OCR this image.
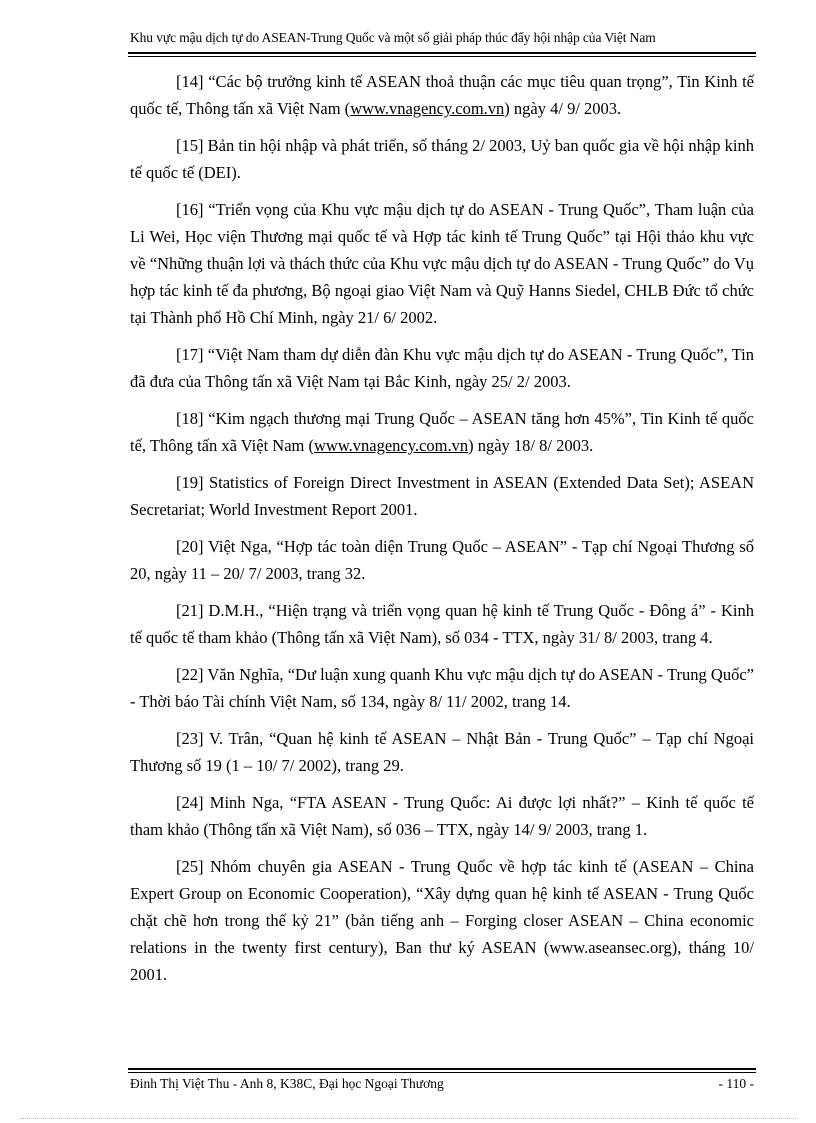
Khu vực mậu dịch tự do ASEAN-Trung Quốc và một số giải pháp thúc đẩy hội nhập của Việt Nam

[14] “Các bộ trưởng kinh tế ASEAN thoả thuận các mục tiêu quan trọng”, Tin Kinh tế quốc tế, Thông tấn xã Việt Nam (www.vnagency.com.vn) ngày 4/ 9/ 2003.

[15] Bản tin hội nhập và phát triển, số tháng 2/ 2003, Uỷ ban quốc gia về hội nhập kinh tế quốc tế (DEI).

[16] “Triển vọng của Khu vực mậu dịch tự do ASEAN - Trung Quốc”, Tham luận của Li Wei, Học viện Thương mại quốc tế và Hợp tác kinh tế Trung Quốc” tại Hội thảo khu vực về “Những thuận lợi và thách thức của Khu vực mậu dịch tự do ASEAN - Trung Quốc” do Vụ hợp tác kinh tế đa phương, Bộ ngoại giao Việt Nam và Quỹ Hanns Siedel, CHLB Đức tổ chức tại Thành phố Hồ Chí Minh, ngày 21/ 6/ 2002.

[17] “Việt Nam tham dự diễn đàn Khu vực mậu dịch tự do ASEAN - Trung Quốc”, Tin đã đưa của Thông tấn xã Việt Nam tại Bắc Kinh, ngày 25/ 2/ 2003.

[18] “Kim ngạch thương mại Trung Quốc – ASEAN tăng hơn 45%”, Tin Kinh tế quốc tế, Thông tấn xã Việt Nam (www.vnagency.com.vn) ngày 18/ 8/ 2003.

[19] Statistics of Foreign Direct Investment in ASEAN (Extended Data Set); ASEAN Secretariat; World Investment Report 2001.

[20] Việt Nga, “Hợp tác toàn diện Trung Quốc – ASEAN” - Tạp chí Ngoại Thương số 20, ngày 11 – 20/ 7/ 2003, trang 32.

[21] D.M.H., “Hiện trạng và triển vọng quan hệ kinh tế Trung Quốc - Đông á” - Kinh tế quốc tế tham khảo (Thông tấn xã Việt Nam), số 034 - TTX, ngày 31/ 8/ 2003, trang 4.

[22] Văn Nghĩa, “Dư luận xung quanh Khu vực mậu dịch tự do ASEAN - Trung Quốc” - Thời báo Tài chính Việt Nam, số 134, ngày 8/ 11/ 2002, trang 14.

[23] V. Trân, “Quan hệ kinh tế ASEAN – Nhật Bản - Trung Quốc” – Tạp chí Ngoại Thương số 19 (1 – 10/ 7/ 2002), trang 29.

[24] Minh Nga, “FTA ASEAN - Trung Quốc: Ai được lợi nhất?” – Kinh tế quốc tế tham khảo (Thông tấn xã Việt Nam), số 036 – TTX, ngày 14/ 9/ 2003, trang 1.

[25] Nhóm chuyên gia ASEAN - Trung Quốc về hợp tác kinh tế (ASEAN – China Expert Group on Economic Cooperation), “Xây dựng quan hệ kinh tế ASEAN - Trung Quốc chặt chẽ hơn trong thế kỷ 21” (bản tiếng anh – Forging closer ASEAN – China economic relations in the twenty first century), Ban thư ký ASEAN (www.aseansec.org), tháng 10/ 2001.

Đinh Thị Việt Thu - Anh 8, K38C, Đại học Ngoại Thương	- 110 -
